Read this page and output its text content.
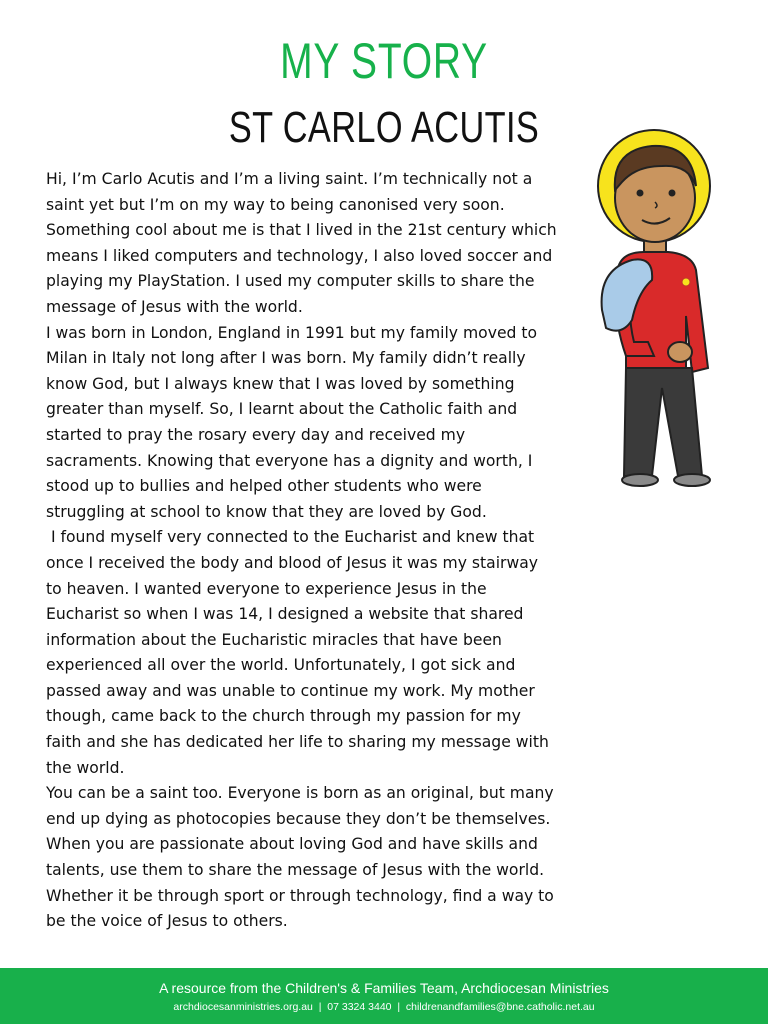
MY STORY
ST CARLO ACUTIS

Hi, I’m Carlo Acutis and I’m a living saint. I’m technically not a

saint yet but I’m on my way to being canonised very soon.

Something cool about me is that I lived in the 21st century which

means I liked computers and technology, I also loved soccer and

playing my PlayStation. I used my computer skills to share the

message of Jesus with the world.

I was born in London, England in 1991 but my family moved to

Milan in Italy not long after I was born. My family didn’t really

know God, but I always knew that I was loved by something

greater than myself. So, I learnt about the Catholic faith and

started to pray the rosary every day and received my

sacraments. Knowing that everyone has a dignity and worth, I

stood up to bullies and helped other students who were

struggling at school to know that they are loved by God.

I found myself very connected to the Eucharist and knew that

once I received the body and blood of Jesus it was my stairway

to heaven. I wanted everyone to experience Jesus in the

Eucharist so when I was 14, I designed a website that shared

information about the Eucharistic miracles that have been

experienced all over the world. Unfortunately, I got sick and

passed away and was unable to continue my work. My mother

though, came back to the church through my passion for my

faith and she has dedicated her life to sharing my message with

the world.

You can be a saint too. Everyone is born as an original, but many

end up dying as photocopies because they don’t be themselves.

When you are passionate about loving God and have skills and

talents, use them to share the message of Jesus with the world.

Whether it be through sport or through technology, find a way to

be the voice of Jesus to others.

A resource from the Children's & Families Team, Archdiocesan Ministries
archdiocesanministries.org.au  |  07 3324 3440  |  childrenandfamilies@bne.catholic.net.au
